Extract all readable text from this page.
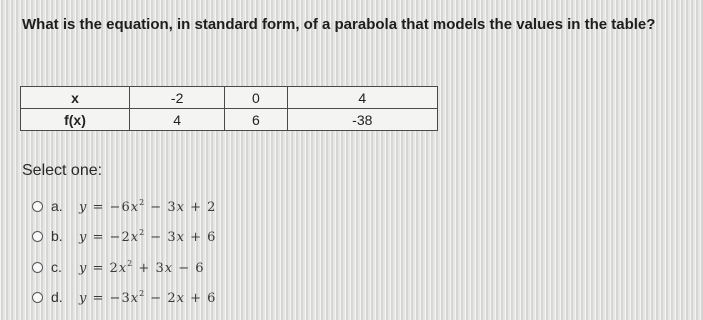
What is the equation, in standard form, of a parabola that models the values in the table?
x	-2	0	4
f(x)	4	6	-38
Select one:
a.	$y = -6x^2 - 3x + 2$
b.	$y = -2x^2 - 3x + 6$
c.	$y = 2x^2 + 3x - 6$
d.	$y = -3x^2 - 2x + 6$
